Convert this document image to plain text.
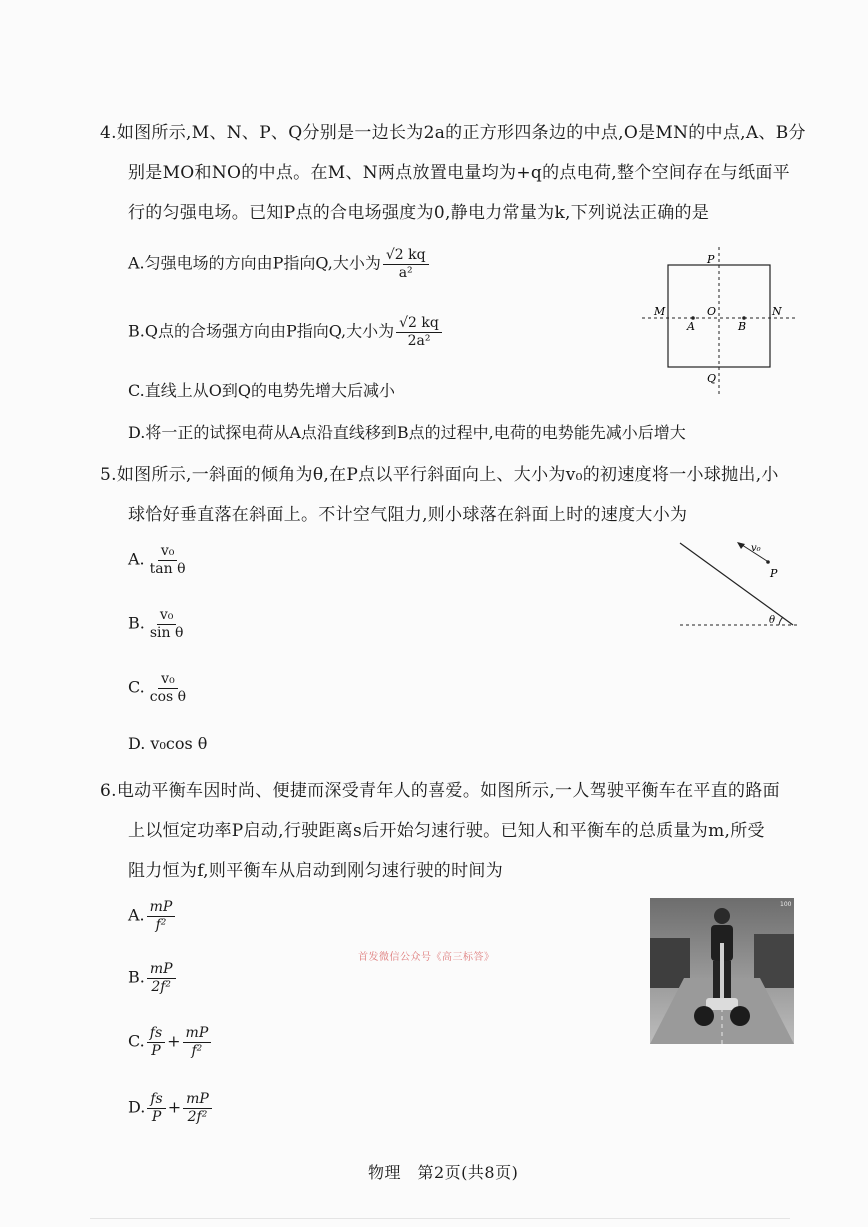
4.如图所示,M、N、P、Q分别是一边长为2a的正方形四条边的中点,O是MN的中点,A、B分
别是MO和NO的中点。在M、N两点放置电量均为+q的点电荷,整个空间存在与纸面平
行的匀强电场。已知P点的合电场强度为0,静电力常量为k,下列说法正确的是
A.匀强电场的方向由P指向Q,大小为 $\frac{√2 kq}{\text{a²}}$
B.Q点的合场强方向由P指向Q,大小为 $\frac{√2 kq}{\text{2a²}}$
C.直线上从O到Q的电势先增大后减小
D.将一正的试探电荷从A点沿直线移到B点的过程中,电荷的电势能先减小后增大
P
Q
M	N
O
A	B
5.如图所示,一斜面的倾角为θ,在P点以平行斜面向上、大小为v₀的初速度将一小球抛出,小
球恰好垂直落在斜面上。不计空气阻力,则小球落在斜面上时的速度大小为
A. $\frac{\text{v₀}}{\text{tan θ}}$
B. $\frac{\text{v₀}}{\text{sin θ}}$
C. $\frac{\text{v₀}}{\text{cos θ}}$
D. v₀cos θ
v₀
P
θ
6.电动平衡车因时尚、便捷而深受青年人的喜爱。如图所示,一人驾驶平衡车在平直的路面
上以恒定功率P启动,行驶距离s后开始匀速行驶。已知人和平衡车的总质量为m,所受
阻力恒为f,则平衡车从启动到刚匀速行驶的时间为
A. $\frac{mP}{\text{f²}}$
B. $\frac{mP}{\text{2f²}}$
C. $\frac{fs}{P} + \frac{mP}{\text{f²}}$
D. $\frac{fs}{P} + \frac{mP}{\text{2f²}}$
100
首发微信公众号《高三标答》
物理　第2页(共8页)
